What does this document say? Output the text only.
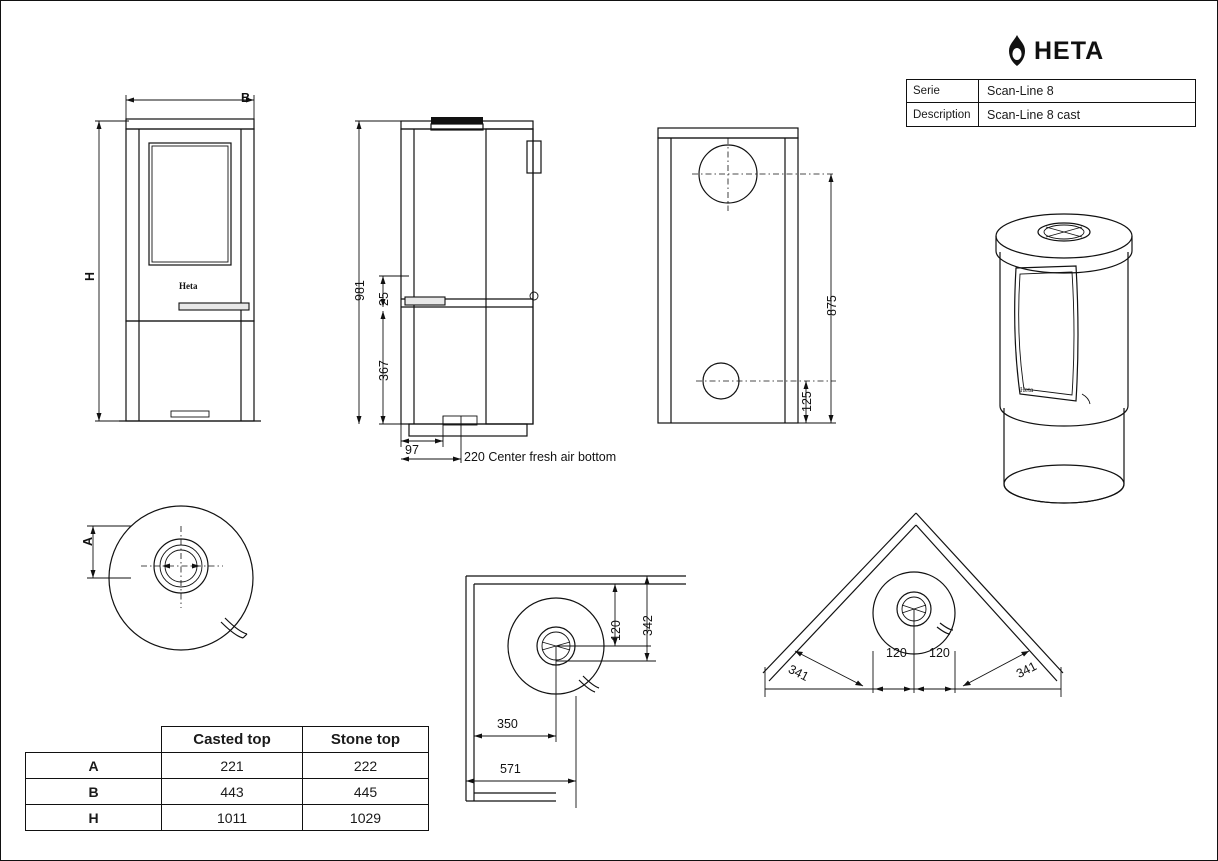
HETA
Serie	Scan-Line 8
Description	Scan-Line 8 cast
Heta
B
H
981 25
367
97	220 Center fresh air bottom
875
125
Heta
A
120 342
350
571
341
120 120
341
	Casted top	Stone top
A	221	222
B	443	445
H	1011	1029
